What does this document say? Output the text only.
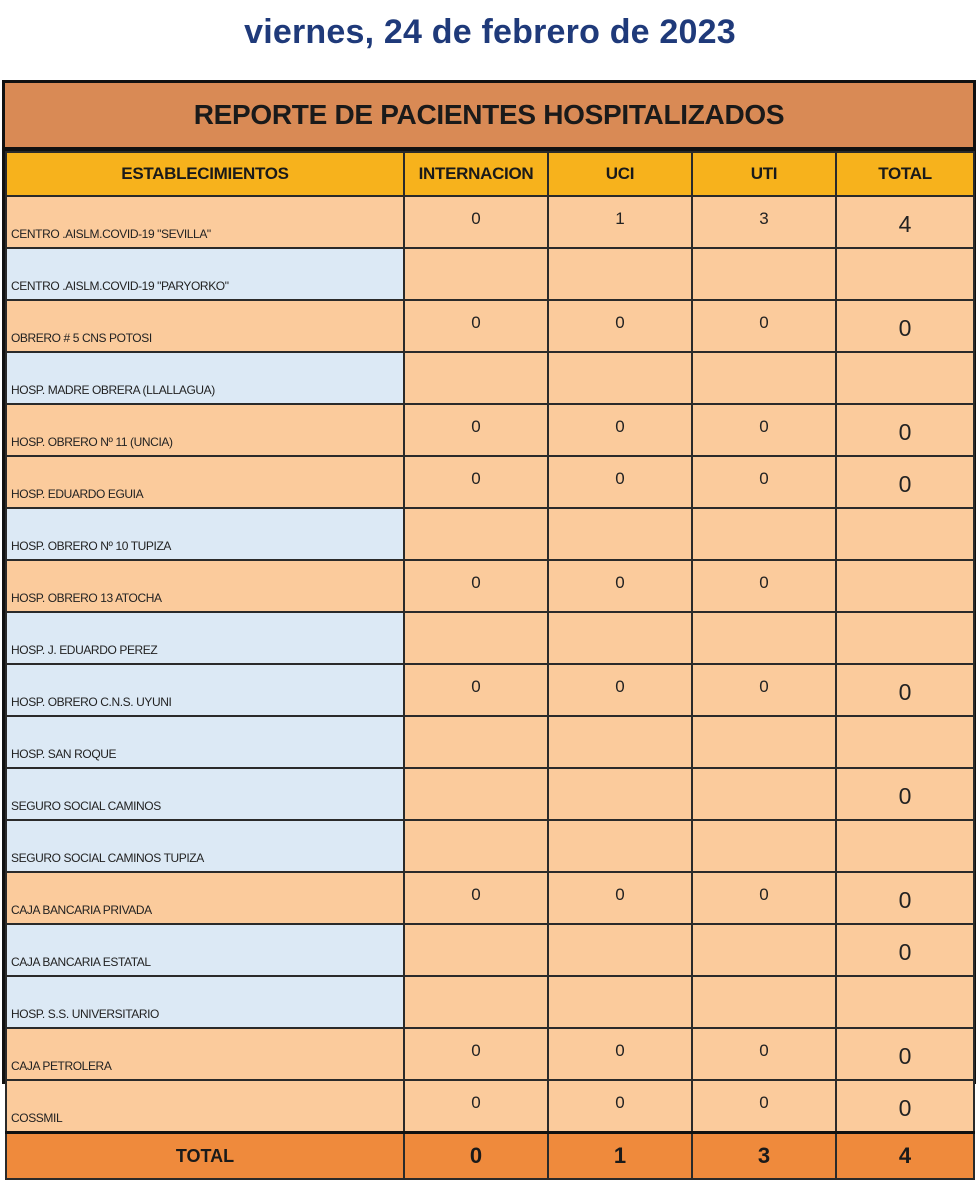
viernes, 24 de febrero de 2023
REPORTE DE PACIENTES HOSPITALIZADOS
ESTABLECIMIENTOS	INTERNACION	UCI	UTI	TOTAL
CENTRO .AISLM.COVID-19 "SEVILLA"	0	1	3	4
CENTRO .AISLM.COVID-19 "PARYORKO"				
OBRERO # 5 CNS POTOSI	0	0	0	0
HOSP. MADRE OBRERA (LLALLAGUA)				
HOSP. OBRERO Nº 11 (UNCIA)	0	0	0	0
HOSP. EDUARDO EGUIA	0	0	0	0
HOSP. OBRERO Nº 10 TUPIZA				
HOSP. OBRERO 13 ATOCHA	0	0	0	
HOSP. J. EDUARDO PEREZ				
HOSP. OBRERO C.N.S. UYUNI	0	0	0	0
HOSP. SAN ROQUE				
SEGURO SOCIAL CAMINOS				0
SEGURO SOCIAL CAMINOS TUPIZA				
CAJA BANCARIA PRIVADA	0	0	0	0
CAJA BANCARIA ESTATAL				0
HOSP. S.S. UNIVERSITARIO				
CAJA PETROLERA	0	0	0	0
COSSMIL	0	0	0	0
TOTAL	0	1	3	4
